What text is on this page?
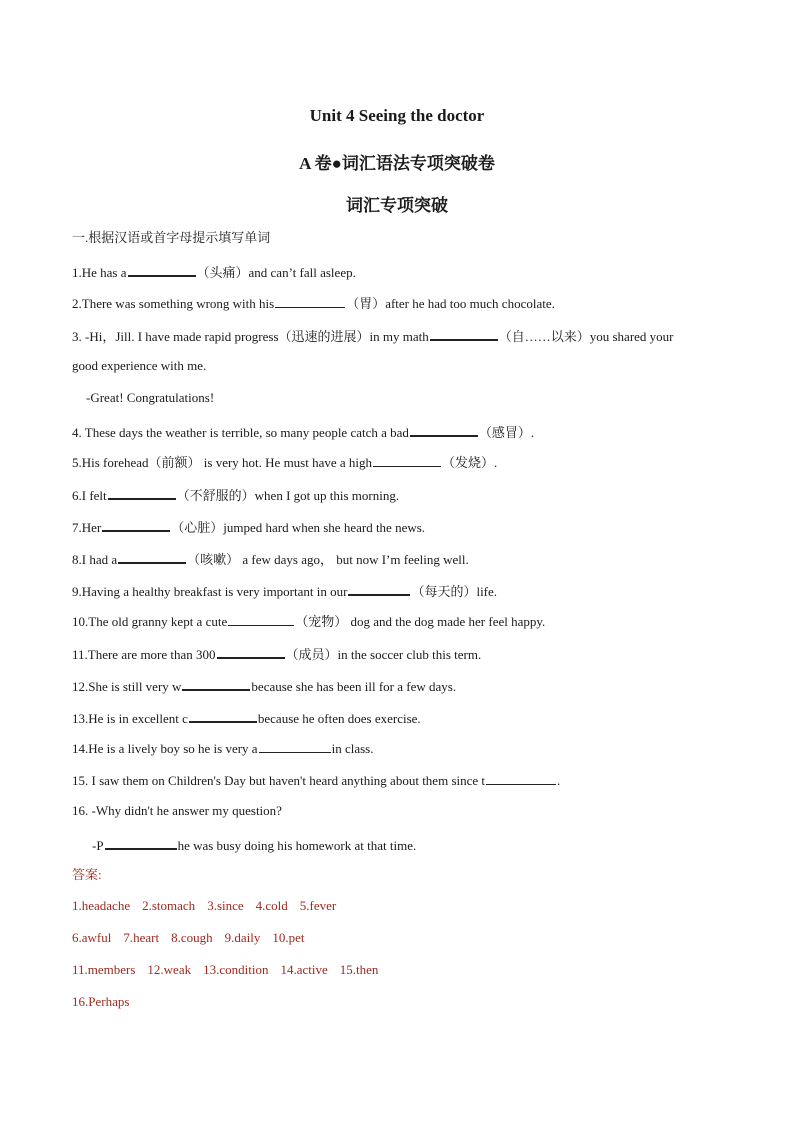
Unit 4 Seeing the doctor
A 卷●词汇语法专项突破卷
词汇专项突破
一.根据汉语或首字母提示填写单词
1.He has a	（头痛）and can’t fall asleep.
2.There was something wrong with his	（胃）after he had too much chocolate.
3. -Hi，Jill. I have made rapid progress（迅速的进展）in my math	（自……以来）you shared your
good experience with me.
-Great! Congratulations!
4. These days the weather is terrible, so many people catch a bad	（感冒）.
5.His forehead（前额） is very hot. He must have a high	（发烧）.
6.I felt	（不舒服的）when I got up this morning.
7.Her	（心脏）jumped hard when she heard the news.
8.I had a	（咳嗽） a few days ago， but now I’m feeling well.
9.Having a healthy breakfast is very important in our	（每天的）life.
10.The old granny kept a cute	（宠物） dog and the dog made her feel happy.
11.There are more than 300	（成员）in the soccer club this term.
12.She is still very w	because she has been ill for a few days.
13.He is in excellent c	because he often does exercise.
14.He is a lively boy so he is very a	in class.
15. I saw them on Children's Day but haven't heard anything about them since t	.
16. -Why didn't he answer my question?
-P	he was busy doing his homework at that time.
答案:
1.headache 2.stomach 3.since 4.cold 5.fever
6.awful 7.heart 8.cough 9.daily 10.pet
11.members 12.weak 13.condition 14.active 15.then
16.Perhaps
